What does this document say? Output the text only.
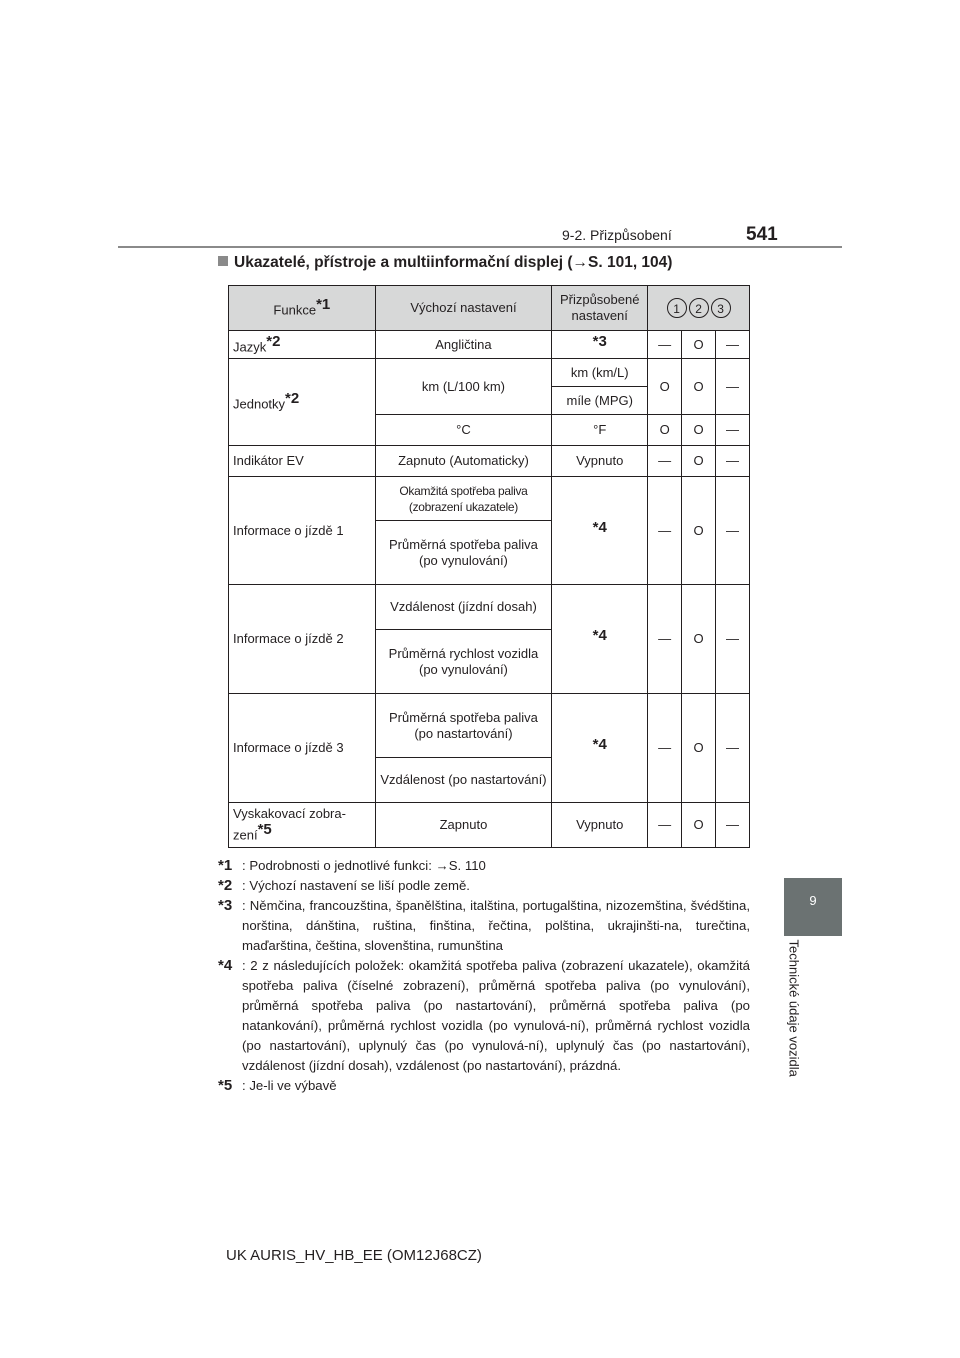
9-2. Přizpůsobení	541
9
Technické údaje vozidla
Ukazatelé, přístroje a multiinformační displej (→S. 101, 104)
Funkce$^{*1}$	Výchozí nastavení	Přizpůsobené nastavení	1 2 3		
Jazyk$^{*2}$	Angličtina	$^{*3}$	—	O	—
Jednotky$^{*2}$	km (L/100 km)	km (km/L)	O	O	—
		míle (MPG)			
	°C	°F	O	O	—
Indikátor EV	Zapnuto (Automaticky)	Vypnuto	—	O	—
Informace o jízdě 1	Okamžitá spotřeba paliva (zobrazení ukazatele)	$^{*4}$	—	O	—
	Průměrná spotřeba paliva (po vynulování)				
Informace o jízdě 2	Vzdálenost (jízdní dosah)	$^{*4}$	—	O	—
	Průměrná rychlost vozidla (po vynulování)				
Informace o jízdě 3	Průměrná spotřeba paliva (po nastartování)	$^{*4}$	—	O	—
	Vzdálenost (po nastartování)				
Vyskakovací zobra-zení$^{*5}$	Zapnuto	Vypnuto	—	O	—
*1 : Podrobnosti o jednotlivé funkci: →S. 110
*2 : Výchozí nastavení se liší podle země.
*3 : Němčina, francouzština, španělština, italština, portugalština, nizozemština, švédština, norština, dánština, ruština, finština, řečtina, polština, ukrajinšti-na, turečtina, maďarština, čeština, slovenština, rumunština
*4 : 2 z následujících položek: okamžitá spotřeba paliva (zobrazení ukazatele), okamžitá spotřeba paliva (číselné zobrazení), průměrná spotřeba paliva (po vynulování), průměrná spotřeba paliva (po nastartování), průměrná spotřeba paliva (po natankování), průměrná rychlost vozidla (po vynulová-ní), průměrná rychlost vozidla (po nastartování), uplynulý čas (po vynulová-ní), uplynulý čas (po nastartování), vzdálenost (jízdní dosah), vzdálenost (po nastartování), prázdná.
*5 : Je-li ve výbavě
UK AURIS_HV_HB_EE (OM12J68CZ)
